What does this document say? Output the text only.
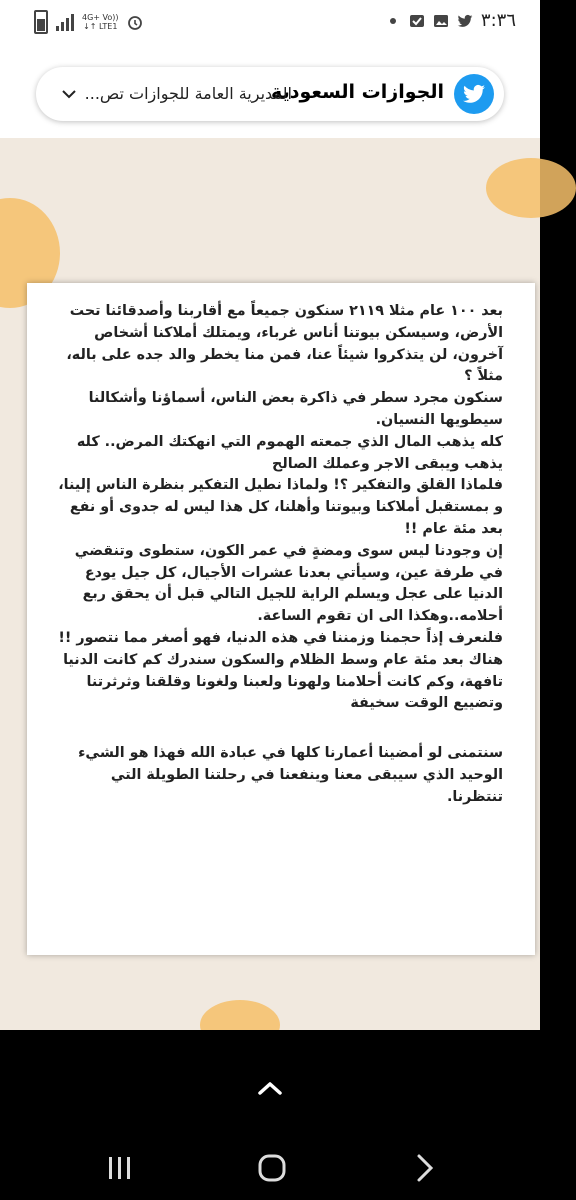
4G+ Vo))
↓↑ LTE1	٣:٣٦
الجوازات السعودية
المديرية العامة للجوازات تص...

بعد ١٠٠ عام مثلا ٢١١٩ سنكون جميعاً مع أقاربنا وأصدقائنا تحت الأرض، وسيسكن بيوتنا أناس غرباء، ويمتلك أملاكنا أشخاص آخرون، لن يتذكروا شيئاً عنا، فمن منا يخطر والد جده على باله، مثلاً ؟

سنكون مجرد سطر في ذاكرة بعض الناس، أسماؤنا وأشكالنا سيطويها النسيان.

كله يذهب المال الذي جمعته الهموم التي انهكتك المرض.. كله يذهب ويبقى الاجر وعملك الصالح

فلماذا القلق والتفكير ؟! ولماذا نطيل التفكير بنظرة الناس إلينا، و بمستقبل أملاكنا وبيوتنا وأهلنا، كل هذا ليس له جدوى أو نفع بعد مئة عام !!

إن وجودنا ليس سوى ومضةٍ في عمر الكون، ستطوى وتنقضي في طرفة عين، وسيأتي بعدنا عشرات الأجيال، كل جيل يودع الدنيا على عجل ويسلم الراية للجيل التالي قبل أن يحقق ربع أحلامه..وهكذا الى ان تقوم الساعة.

فلنعرف إذاً حجمنا وزمننا في هذه الدنيا، فهو أصغر مما نتصور !!

هناك بعد مئة عام وسط الظلام والسكون سندرك كم كانت الدنيا تافهة، وكم كانت أحلامنا ولهونا ولعبنا ولغونا وقلقنا وثرثرتنا وتضييع الوقت سخيفة

سنتمنى لو أمضينا أعمارنا كلها في عبادة الله فهذا هو الشيء الوحيد الذي سيبقى معنا وينفعنا في رحلتنا الطويلة التي تنتظرنا.
